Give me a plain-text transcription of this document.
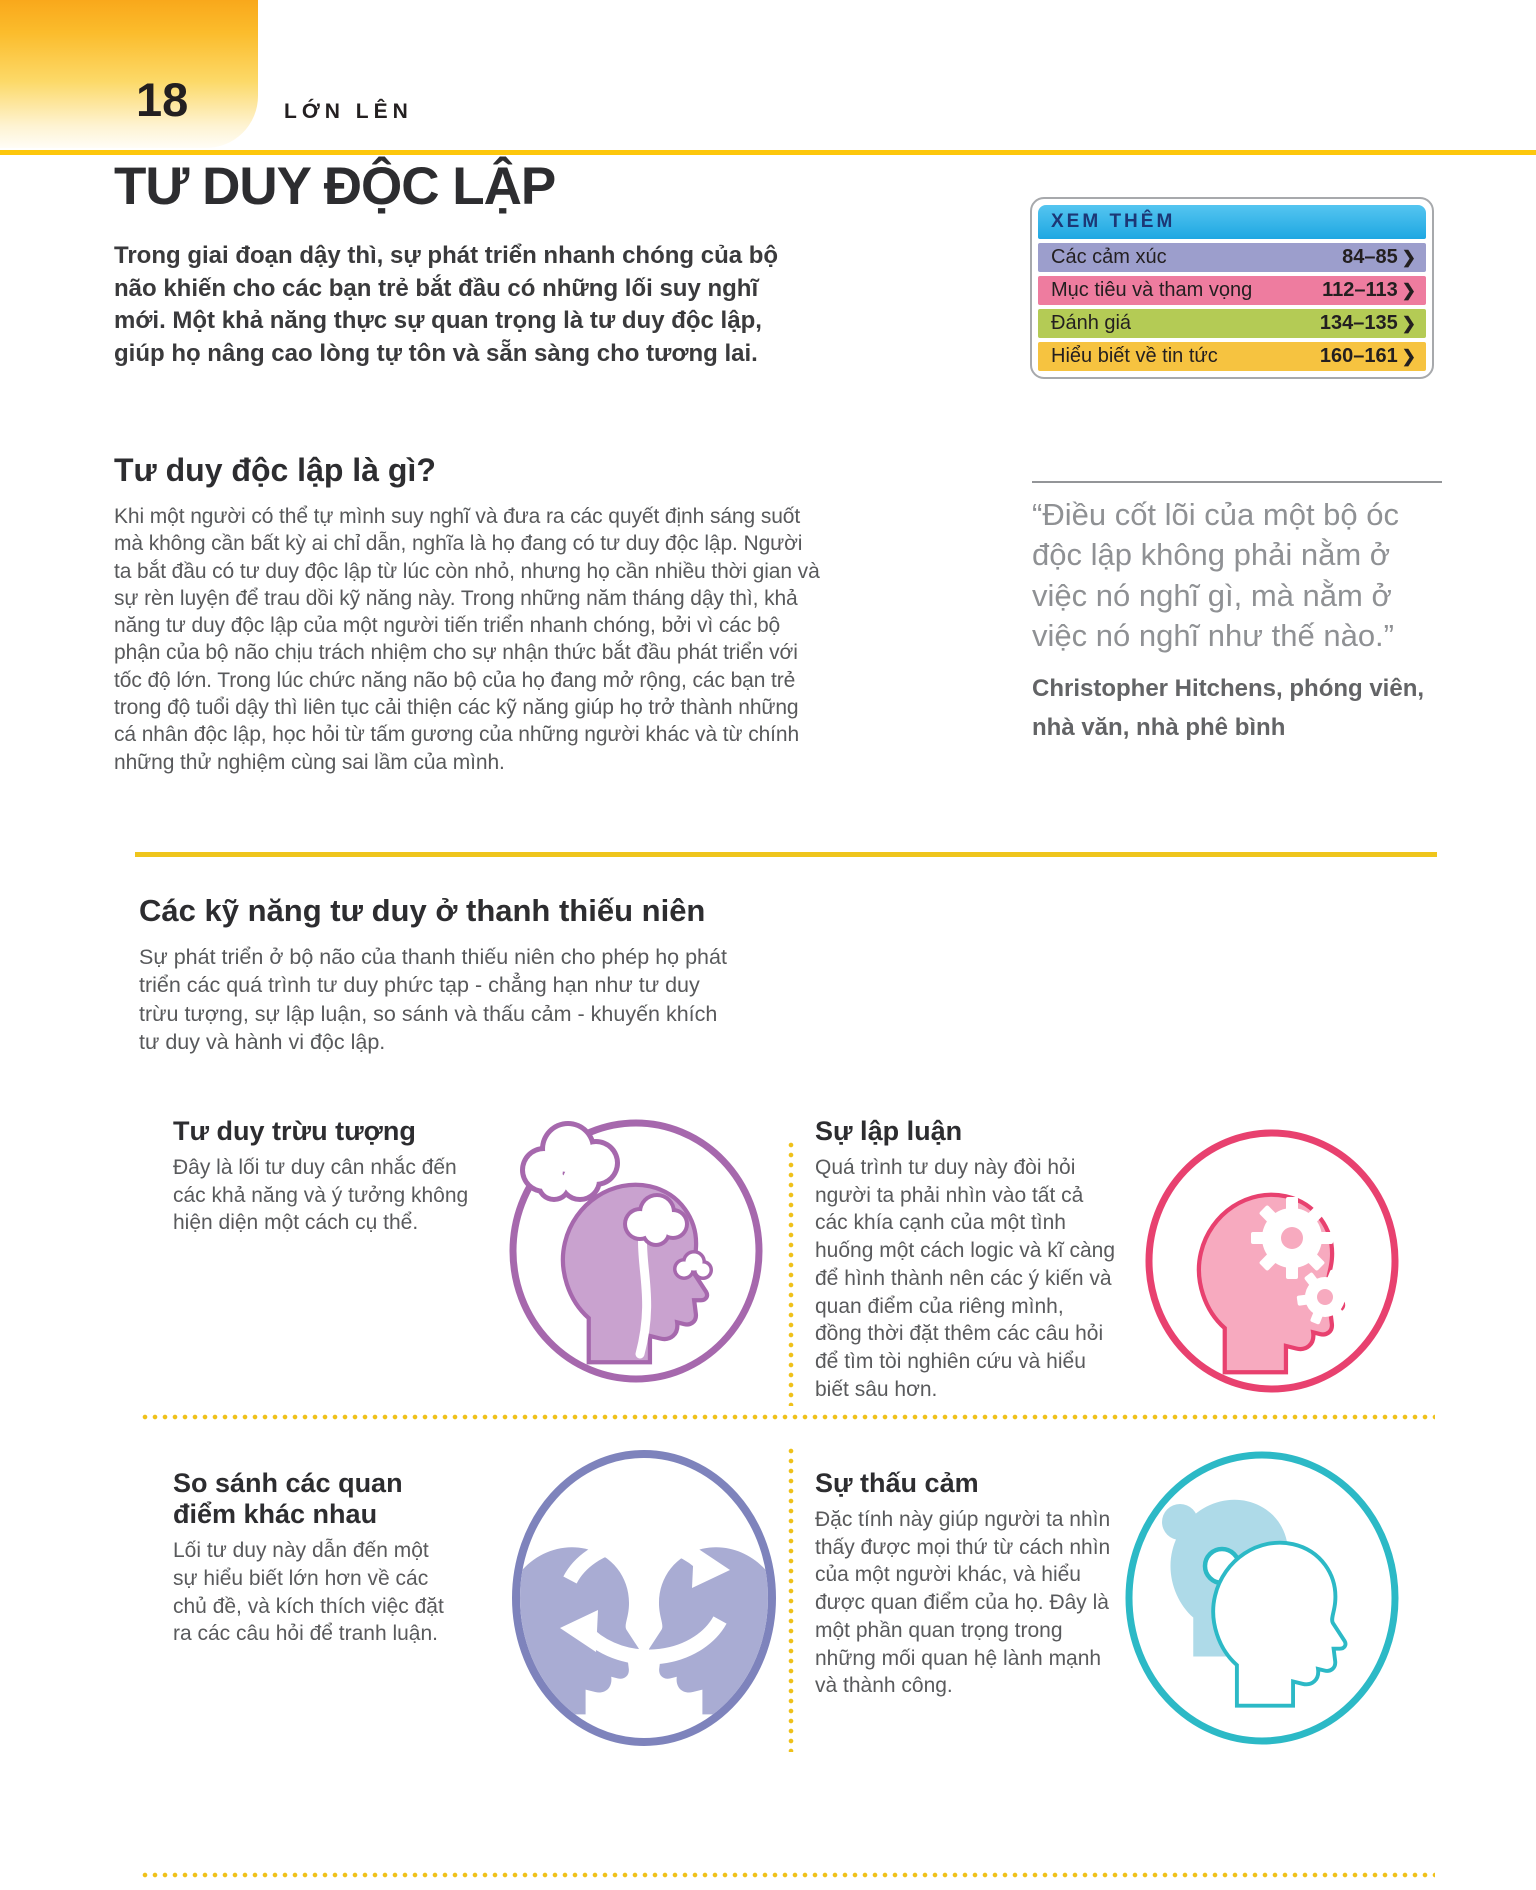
18	LỚN LÊN
TƯ DUY ĐỘC LẬP

Trong giai đoạn dậy thì, sự phát triển nhanh chóng của bộ não khiến cho các bạn trẻ bắt đầu có những lối suy nghĩ mới. Một khả năng thực sự quan trọng là tư duy độc lập, giúp họ nâng cao lòng tự tôn và sẵn sàng cho tương lai.

XEM THÊM
Các cảm xúc	84–85 ❯
Mục tiêu và tham vọng	112–113 ❯
Đánh giá	134–135 ❯
Hiểu biết về tin tức	160–161 ❯
Tư duy độc lập là gì?

Khi một người có thể tự mình suy nghĩ và đưa ra các quyết định sáng suốt mà không cần bất kỳ ai chỉ dẫn, nghĩa là họ đang có tư duy độc lập. Người ta bắt đầu có tư duy độc lập từ lúc còn nhỏ, nhưng họ cần nhiều thời gian và sự rèn luyện để trau dồi kỹ năng này. Trong những năm tháng dậy thì, khả năng tư duy độc lập của một người tiến triển nhanh chóng, bởi vì các bộ phận của bộ não chịu trách nhiệm cho sự nhận thức bắt đầu phát triển với tốc độ lớn. Trong lúc chức năng não bộ của họ đang mở rộng, các bạn trẻ trong độ tuổi dậy thì liên tục cải thiện các kỹ năng giúp họ trở thành những cá nhân độc lập, học hỏi từ tấm gương của những người khác và từ chính những thử nghiệm cùng sai lầm của mình.

“Điều cốt lõi của một bộ óc độc lập không phải nằm ở việc nó nghĩ gì, mà nằm ở việc nó nghĩ như thế nào.”
Christopher Hitchens, phóng viên, nhà văn, nhà phê bình
Các kỹ năng tư duy ở thanh thiếu niên

Sự phát triển ở bộ não của thanh thiếu niên cho phép họ phát triển các quá trình tư duy phức tạp - chẳng hạn như tư duy trừu tượng, sự lập luận, so sánh và thấu cảm - khuyến khích tư duy và hành vi độc lập.

Tư duy trừu tượng
Đây là lối tư duy cân nhắc đến các khả năng và ý tưởng không hiện diện một cách cụ thể.
Sự lập luận
Quá trình tư duy này đòi hỏi người ta phải nhìn vào tất cả các khía cạnh của một tình huống một cách logic và kĩ càng để hình thành nên các ý kiến và quan điểm của riêng mình, đồng thời đặt thêm các câu hỏi để tìm tòi nghiên cứu và hiểu biết sâu hơn.
So sánh các quan điểm khác nhau
Lối tư duy này dẫn đến một sự hiểu biết lớn hơn về các chủ đề, và kích thích việc đặt ra các câu hỏi để tranh luận.
Sự thấu cảm
Đặc tính này giúp người ta nhìn thấy được mọi thứ từ cách nhìn của một người khác, và hiểu được quan điểm của họ. Đây là một phần quan trọng trong những mối quan hệ lành mạnh và thành công.
